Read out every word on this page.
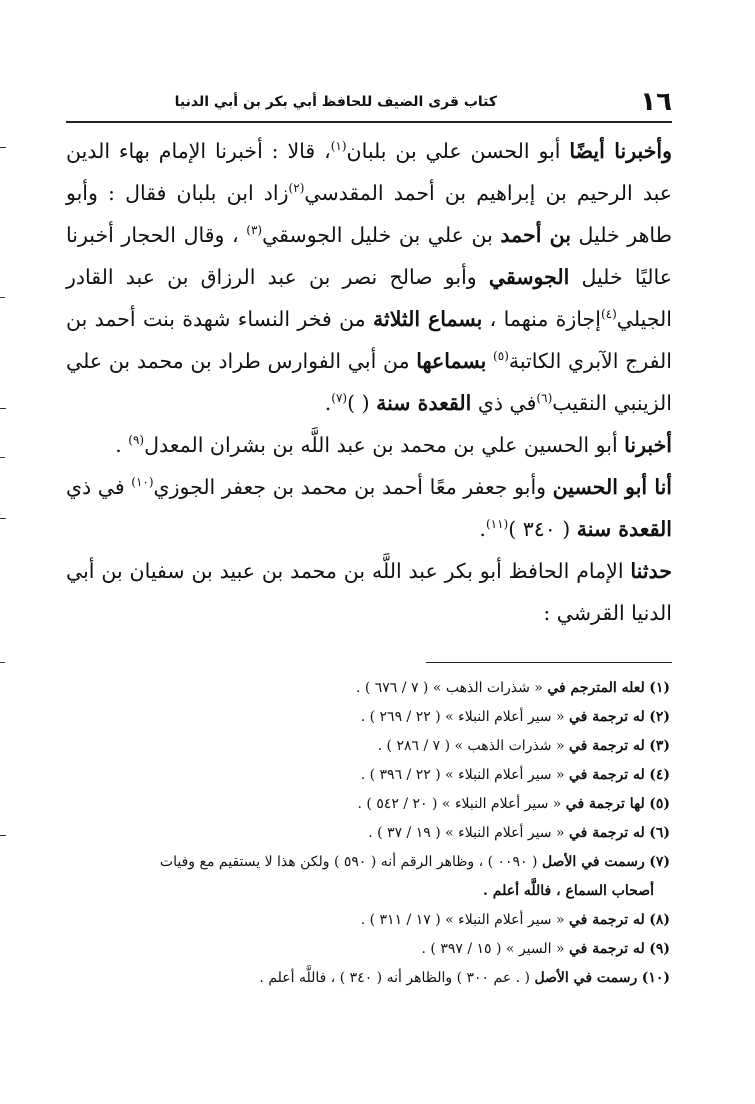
١٦
كتاب قرى الضيف للحافظ أبي بكر بن أبي الدنيا

وأخبرنا أيضًا أبو الحسن علي بن بلبان$^{(١)}$، قالا : أخبرنا الإمام بهاء الدين عبد الرحيم بن إبراهيم بن أحمد المقدسي$^{(٢)}$زاد ابن بلبان فقال : وأبو طاهر خليل بن أحمد بن علي بن خليل الجوسقي$^{(٣)}$ ، وقال الحجار أخبرنا عاليًا خليل الجوسقي وأبو صالح نصر بن عبد الرزاق بن عبد القادر الجيلي$^{(٤)}$إجازة منهما ، بسماع الثلاثة من فخر النساء شهدة بنت أحمد بن الفرج الآبري الكاتبة$^{(٥)}$ بسماعها من أبي الفوارس طراد بن محمد بن علي الزينبي النقيب$^{(٦)}$في ذي القعدة سنة ( )$^{(٧)}$.

أخبرنا أبو الحسين علي بن محمد بن عبد اللَّه بن بشران المعدل$^{(٩)}$ .

أنا أبو الحسين وأبو جعفر معًا أحمد بن محمد بن جعفر الجوزي$^{(١٠)}$ في ذي القعدة سنة ( ٣٤٠ )$^{(١١)}$.

حدثنا الإمام الحافظ أبو بكر عبد اللَّه بن محمد بن عبيد بن سفيان بن أبي الدنيا القرشي :

(١) لعله المترجم في « شذرات الذهب » ( ٧ / ٦٧٦ ) .

(٢) له ترجمة في « سير أعلام النبلاء » ( ٢٢ / ٢٦٩ ) .

(٣) له ترجمة في « شذرات الذهب » ( ٧ / ٢٨٦ ) .

(٤) له ترجمة في « سير أعلام النبلاء » ( ٢٢ / ٣٩٦ ) .

(٥) لها ترجمة في « سير أعلام النبلاء » ( ٢٠ / ٥٤٢ ) .

(٦) له ترجمة في « سير أعلام النبلاء » ( ١٩ / ٣٧ ) .

(٧) رسمت في الأصل ( ٠٠٩٠ ) ، وظاهر الرقم أنه ( ٥٩٠ ) ولكن هذا لا يستقيم مع وفيات

أصحاب السماع ، فاللَّه أعلم .

(٨) له ترجمة في « سير أعلام النبلاء » ( ١٧ / ٣١١ ) .

(٩) له ترجمة في « السير » ( ١٥ / ٣٩٧ ) .

(١٠) رسمت في الأصل ( . عم ٣٠٠ ) والظاهر أنه ( ٣٤٠ ) ، فاللَّه أعلم .
